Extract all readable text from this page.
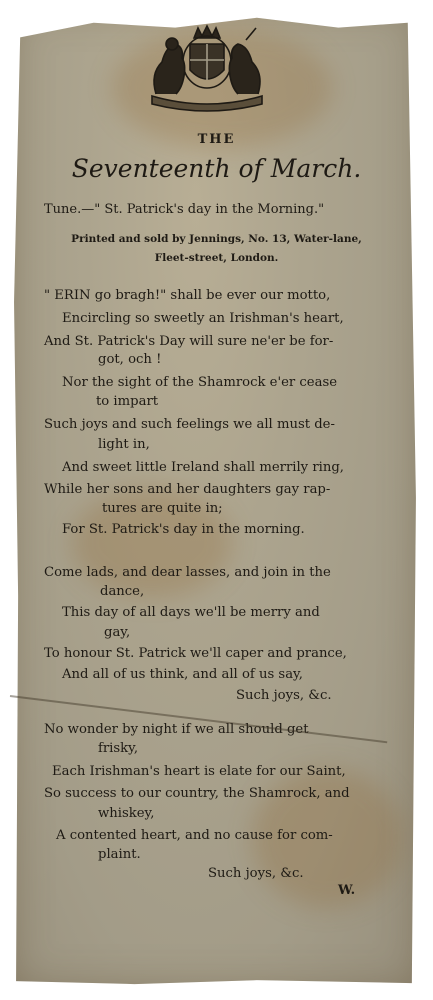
THE
Seventeenth of March.
Tune.—" St. Patrick's day in the Morning."
Printed and sold by Jennings, No. 13, Water-lane,
Fleet-street, London.
" ERIN go bragh!" shall be ever our motto,
Encircling so sweetly an Irishman's heart,
And St. Patrick's Day will sure ne'er be for-
got, och !
Nor the sight of the Shamrock e'er cease
to impart
Such joys and such feelings we all must de-
light in,
And sweet little Ireland shall merrily ring,
While her sons and her daughters gay rap-
tures are quite in;
For St. Patrick's day in the morning.
Come lads, and dear lasses, and join in the
dance,
This day of all days we'll be merry and
gay,
To honour St. Patrick we'll caper and prance,
And all of us think, and all of us say,
Such joys, &c.
No wonder by night if we all should get
frisky,
Each Irishman's heart is elate for our Saint,
So success to our country, the Shamrock, and
whiskey,
A contented heart, and no cause for com-
plaint.
Such joys, &c.
W.
